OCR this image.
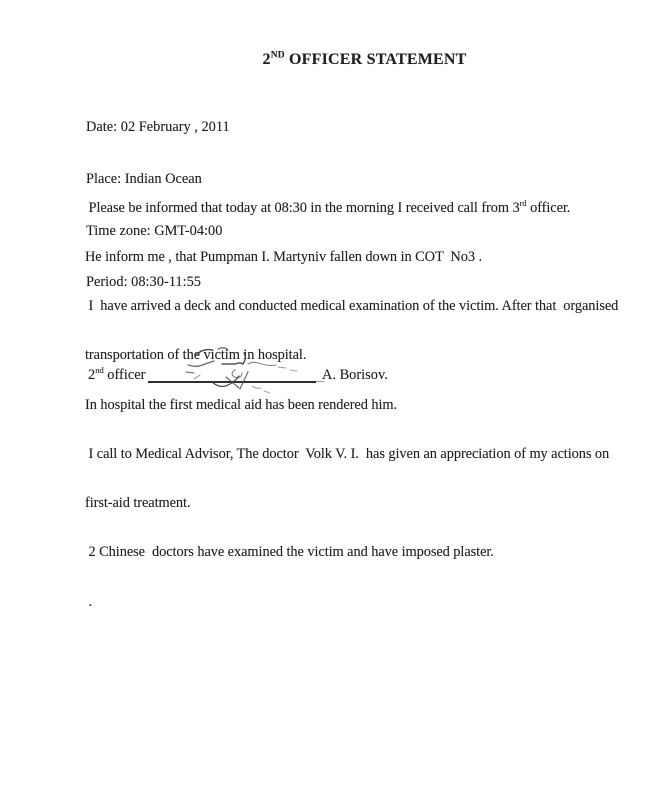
2ND OFFICER STATEMENT

Date: 02 February , 2011

Place: Indian Ocean

Time zone: GMT-04:00

Period: 08:30-11:55

Please be informed that today at 08:30 in the morning I received call from 3rd officer.

He inform me , that Pumpman I. Martyniv fallen down in COT  No3 .

I  have arrived a deck and conducted medical examination of the victim. After that  organised

transportation of the victim in hospital.

In hospital the first medical aid has been rendered him.

I call to Medical Advisor, The doctor  Volk V. I.  has given an appreciation of my actions on

first-aid treatment.

2 Chinese  doctors have examined the victim and have imposed plaster.

.

2nd officer	A. Borisov.
